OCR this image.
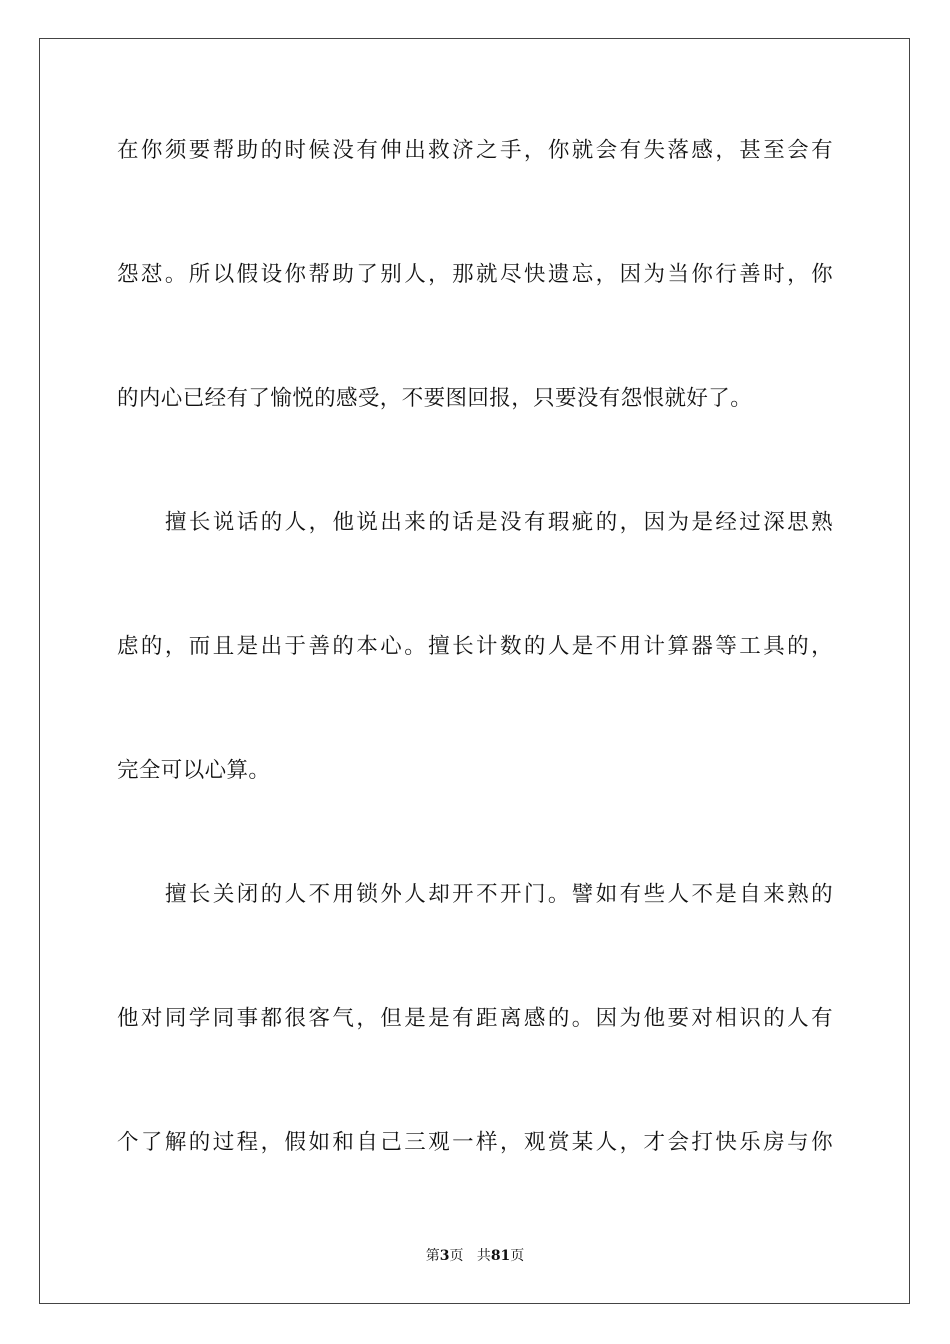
在你须要帮助的时候没有伸出救济之手，你就会有失落感，甚至会有
怨怼。所以假设你帮助了别人，那就尽快遗忘，因为当你行善时，你
的内心已经有了愉悦的感受，不要图回报，只要没有怨恨就好了。
擅长说话的人，他说出来的话是没有瑕疵的，因为是经过深思熟
虑的，而且是出于善的本心。擅长计数的人是不用计算器等工具的，
完全可以心算。
擅长关闭的人不用锁外人却开不开门。譬如有些人不是自来熟的
他对同学同事都很客气，但是是有距离感的。因为他要对相识的人有
个了解的过程，假如和自己三观一样，观赏某人，才会打快乐房与你
第3页 共81页
